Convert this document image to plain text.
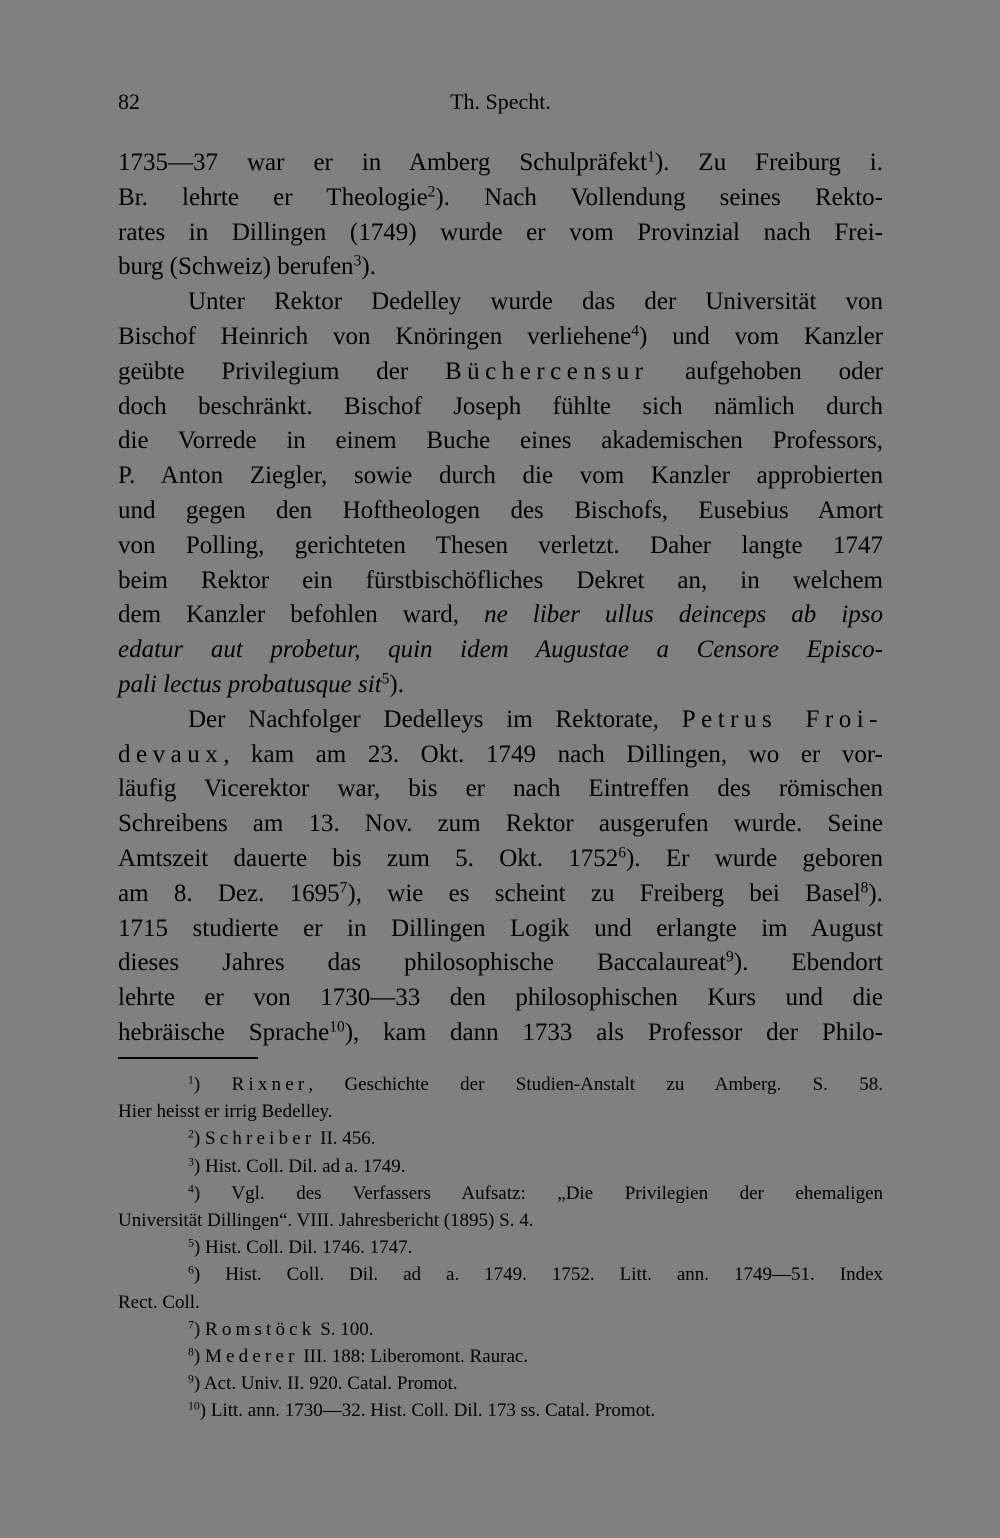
82	Th. Specht.
1735—37 war er in Amberg Schulpräfekt$^1$). Zu Freiburg i.
Br. lehrte er Theologie$^2$). Nach Vollendung seines Rekto-
rates in Dillingen (1749) wurde er vom Provinzial nach Frei-
burg (Schweiz) berufen$^3$).
Unter Rektor Dedelley wurde das der Universität von
Bischof Heinrich von Knöringen verliehene$^4$) und vom Kanzler
geübte Privilegium der Büchercensur aufgehoben oder
doch beschränkt. Bischof Joseph fühlte sich nämlich durch
die Vorrede in einem Buche eines akademischen Professors,
P. Anton Ziegler, sowie durch die vom Kanzler approbierten
und gegen den Hoftheologen des Bischofs, Eusebius Amort
von Polling, gerichteten Thesen verletzt. Daher langte 1747
beim Rektor ein fürstbischöfliches Dekret an, in welchem
dem Kanzler befohlen ward, ne liber ullus deinceps ab ipso
edatur aut probetur, quin idem Augustae a Censore Episco-
pali lectus probatusque sit$^5$).
Der Nachfolger Dedelleys im Rektorate, Petrus Froi-
devaux, kam am 23. Okt. 1749 nach Dillingen, wo er vor-
läufig Vicerektor war, bis er nach Eintreffen des römischen
Schreibens am 13. Nov. zum Rektor ausgerufen wurde. Seine
Amtszeit dauerte bis zum 5. Okt. 1752$^6$). Er wurde geboren
am 8. Dez. 1695$^7$), wie es scheint zu Freiberg bei Basel$^8$).
1715 studierte er in Dillingen Logik und erlangte im August
dieses Jahres das philosophische Baccalaureat$^9$). Ebendort
lehrte er von 1730—33 den philosophischen Kurs und die
hebräische Sprache$^{10}$), kam dann 1733 als Professor der Philo-
$^1$) Rixner, Geschichte der Studien-Anstalt zu Amberg. S. 58.
Hier heisst er irrig Bedelley.
$^2$) Schreiber II. 456.
$^3$) Hist. Coll. Dil. ad a. 1749.
$^4$) Vgl. des Verfassers Aufsatz: „Die Privilegien der ehemaligen
Universität Dillingen“. VIII. Jahresbericht (1895) S. 4.
$^5$) Hist. Coll. Dil. 1746. 1747.
$^6$) Hist. Coll. Dil. ad a. 1749. 1752. Litt. ann. 1749—51. Index
Rect. Coll.
$^7$) Romstöck S. 100.
$^8$) Mederer III. 188: Liberomont. Raurac.
$^9$) Act. Univ. II. 920. Catal. Promot.
$^{10}$) Litt. ann. 1730—32. Hist. Coll. Dil. 173 ss. Catal. Promot.
